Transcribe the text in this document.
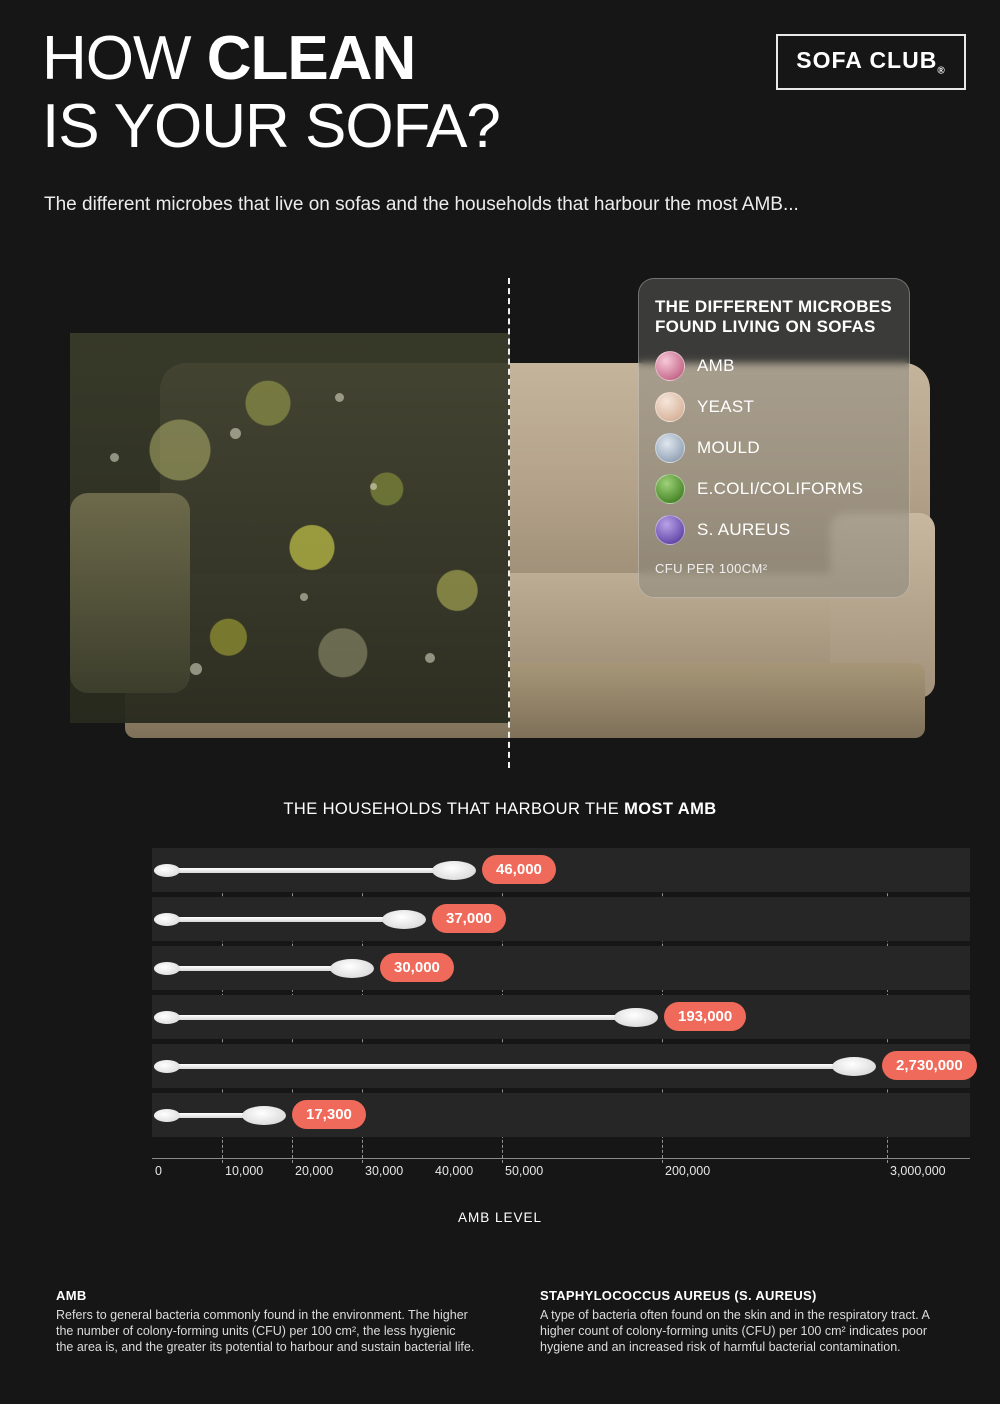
HOW CLEAN
IS YOUR SOFA?
The different microbes that live on sofas and the households that harbour the most AMB...
SOFA CLUB®
THE DIFFERENT MICROBES FOUND LIVING ON SOFAS
AMB
YEAST
MOULD
E.COLI/COLIFORMS
S. AUREUS
CFU PER 100CM²
THE HOUSEHOLDS THAT HARBOUR THE MOST AMB
46,000
37,000
30,000
193,000
2,730,000
17,300
0	10,000	20,000	30,000	40,000	50,000	200,000	3,000,000
AMB LEVEL
AMB

Refers to general bacteria commonly found in the environment. The higher the number of colony-forming units (CFU) per 100 cm², the less hygienic the area is, and the greater its potential to harbour and sustain bacterial life.

STAPHYLOCOCCUS AUREUS (S. AUREUS)

A type of bacteria often found on the skin and in the respiratory tract. A higher count of colony-forming units (CFU) per 100 cm² indicates poor hygiene and an increased risk of harmful bacterial contamination.
